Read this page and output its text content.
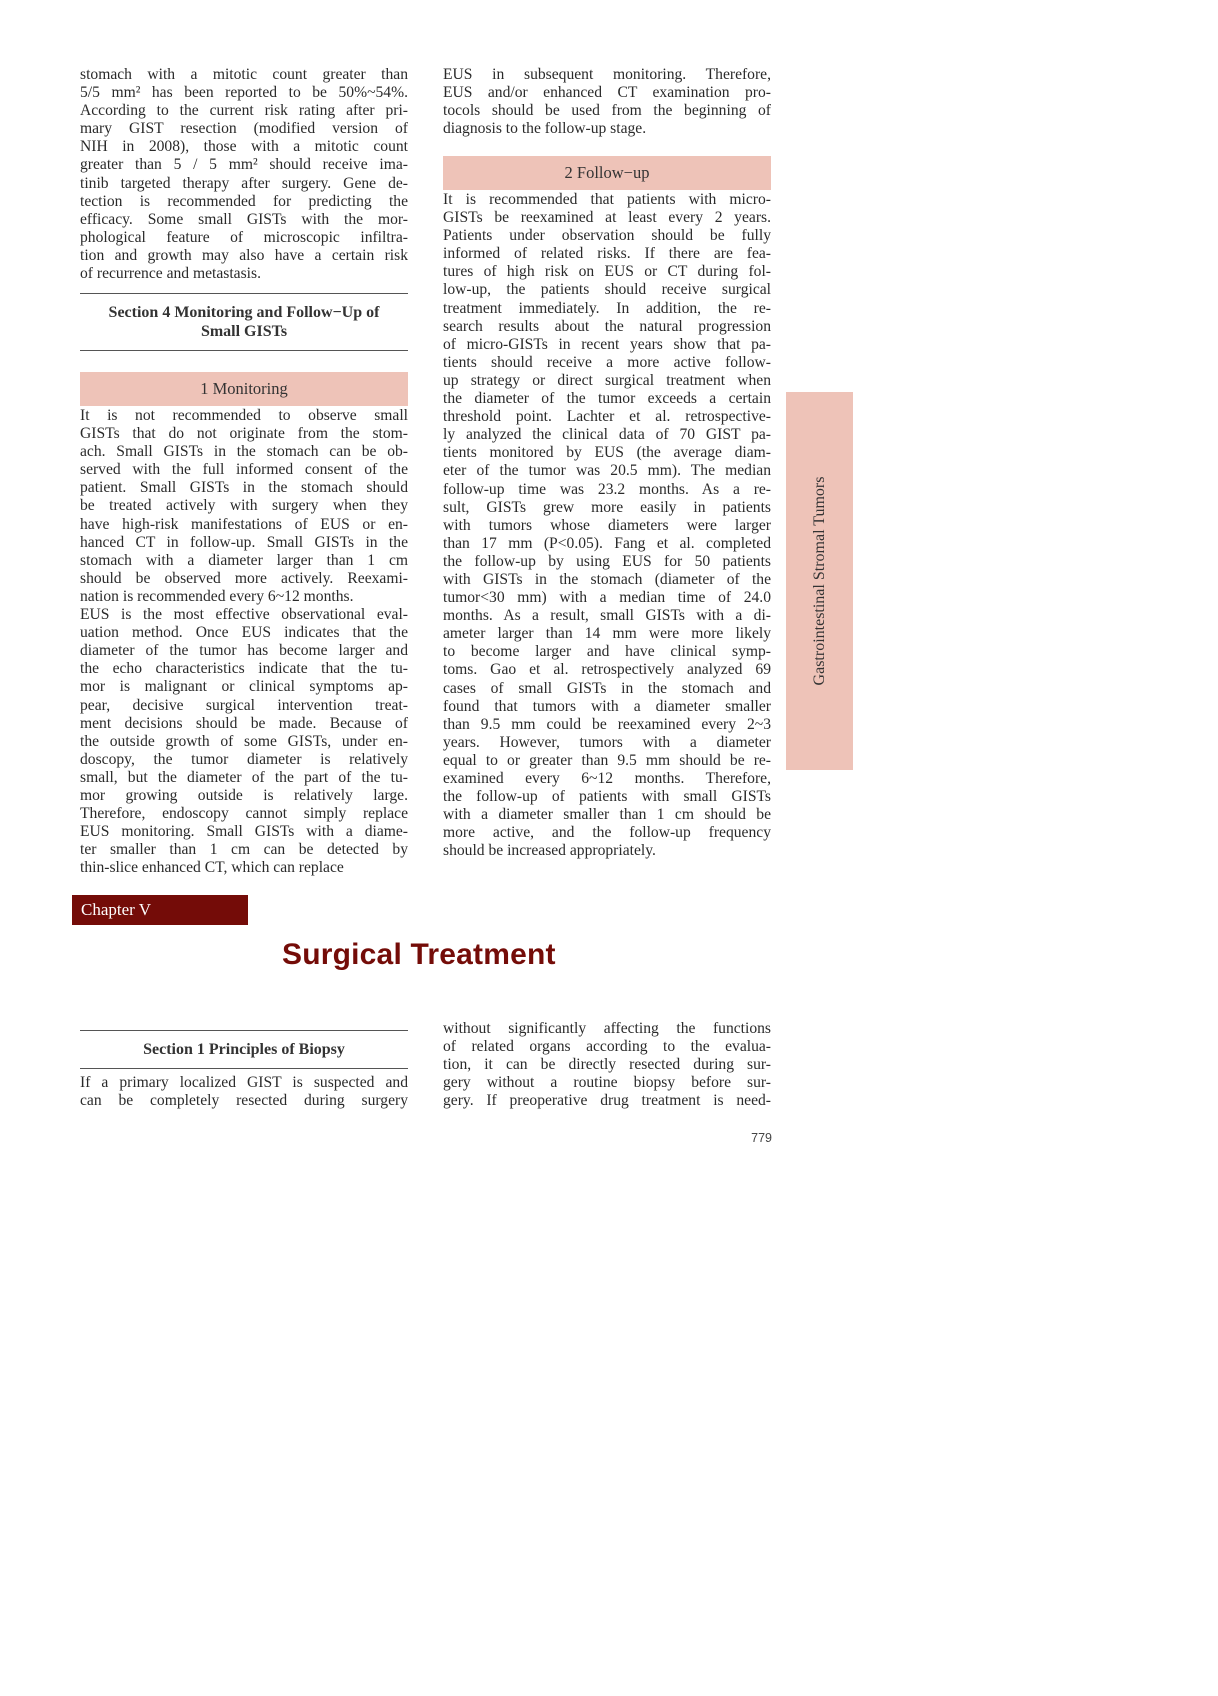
stomach with a mitotic count greater than
5/5 mm² has been reported to be 50%~54%.
According to the current risk rating after pri-
mary GIST resection (modified version of
NIH in 2008), those with a mitotic count
greater than 5 / 5 mm² should receive ima-
tinib targeted therapy after surgery. Gene de-
tection is recommended for predicting the
efficacy. Some small GISTs with the mor-
phological feature of microscopic infiltra-
tion and growth may also have a certain risk
of recurrence and metastasis.
Section 4 Monitoring and Follow−Up of
Small GISTs
1 Monitoring
It is not recommended to observe small
GISTs that do not originate from the stom-
ach. Small GISTs in the stomach can be ob-
served with the full informed consent of the
patient. Small GISTs in the stomach should
be treated actively with surgery when they
have high-risk manifestations of EUS or en-
hanced CT in follow-up. Small GISTs in the
stomach with a diameter larger than 1 cm
should be observed more actively. Reexami-
nation is recommended every 6~12 months.
EUS is the most effective observational eval-
uation method. Once EUS indicates that the
diameter of the tumor has become larger and
the echo characteristics indicate that the tu-
mor is malignant or clinical symptoms ap-
pear, decisive surgical intervention treat-
ment decisions should be made. Because of
the outside growth of some GISTs, under en-
doscopy, the tumor diameter is relatively
small, but the diameter of the part of the tu-
mor growing outside is relatively large.
Therefore, endoscopy cannot simply replace
EUS monitoring. Small GISTs with a diame-
ter smaller than 1 cm can be detected by
thin-slice enhanced CT, which can replace
EUS in subsequent monitoring. Therefore,
EUS and/or enhanced CT examination pro-
tocols should be used from the beginning of
diagnosis to the follow-up stage.
2 Follow−up
It is recommended that patients with micro-
GISTs be reexamined at least every 2 years.
Patients under observation should be fully
informed of related risks. If there are fea-
tures of high risk on EUS or CT during fol-
low-up, the patients should receive surgical
treatment immediately. In addition, the re-
search results about the natural progression
of micro-GISTs in recent years show that pa-
tients should receive a more active follow-
up strategy or direct surgical treatment when
the diameter of the tumor exceeds a certain
threshold point. Lachter et al. retrospective-
ly analyzed the clinical data of 70 GIST pa-
tients monitored by EUS (the average diam-
eter of the tumor was 20.5 mm). The median
follow-up time was 23.2 months. As a re-
sult, GISTs grew more easily in patients
with tumors whose diameters were larger
than 17 mm (P<0.05). Fang et al. completed
the follow-up by using EUS for 50 patients
with GISTs in the stomach (diameter of the
tumor<30 mm) with a median time of 24.0
months. As a result, small GISTs with a di-
ameter larger than 14 mm were more likely
to become larger and have clinical symp-
toms. Gao et al. retrospectively analyzed 69
cases of small GISTs in the stomach and
found that tumors with a diameter smaller
than 9.5 mm could be reexamined every 2~3
years. However, tumors with a diameter
equal to or greater than 9.5 mm should be re-
examined every 6~12 months. Therefore,
the follow-up of patients with small GISTs
with a diameter smaller than 1 cm should be
more active, and the follow-up frequency
should be increased appropriately.
Gastrointestinal Stromal Tumors
Chapter V
Surgical Treatment
Section 1 Principles of Biopsy
If a primary localized GIST is suspected and
can be completely resected during surgery
without significantly affecting the functions
of related organs according to the evalua-
tion, it can be directly resected during sur-
gery without a routine biopsy before sur-
gery. If preoperative drug treatment is need-
779
